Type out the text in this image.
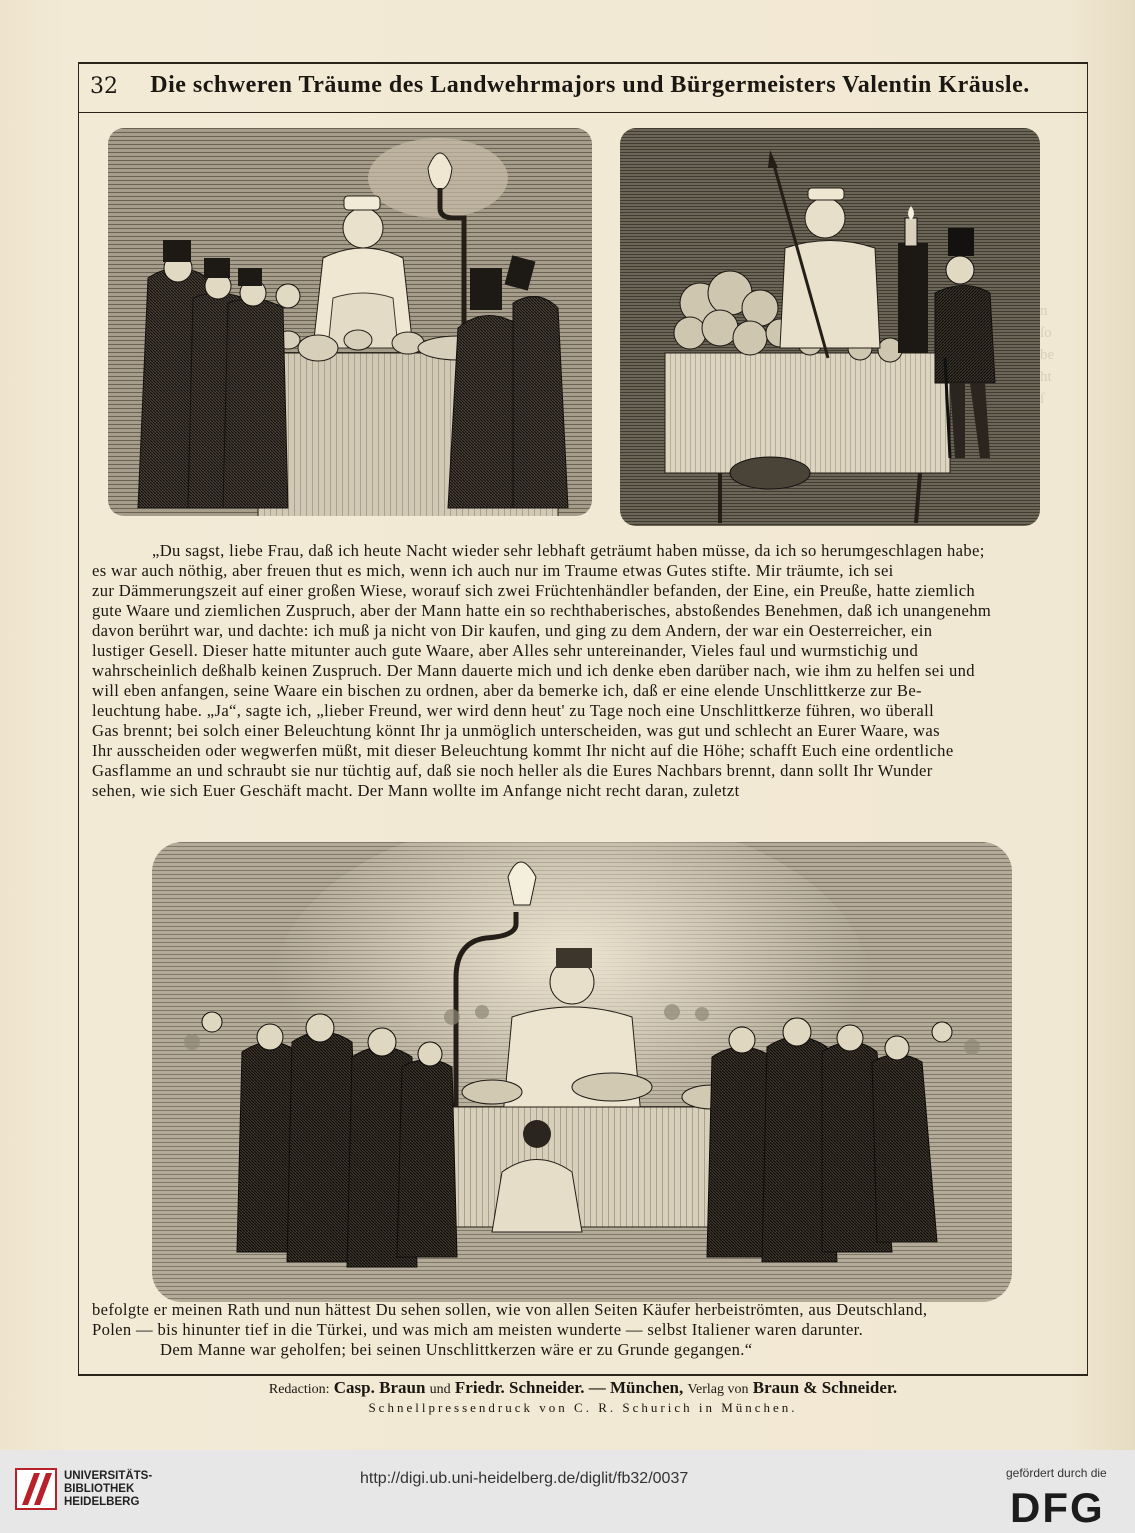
n
ſo
be
ht
ſ

32 Die schweren Träume des Landwehrmajors und Bürgermeisters Valentin Kräusle.

„Du sagst, liebe Frau, daß ich heute Nacht wieder sehr lebhaft geträumt haben müsse, da ich so herumgeschlagen habe;

es war auch nöthig, aber freuen thut es mich, wenn ich auch nur im Traume etwas Gutes stifte. Mir träumte, ich sei

zur Dämmerungszeit auf einer großen Wiese, worauf sich zwei Früchtenhändler befanden, der Eine, ein Preuße, hatte ziemlich

gute Waare und ziemlichen Zuspruch, aber der Mann hatte ein so rechthaberisches, abstoßendes Benehmen, daß ich unangenehm

davon berührt war, und dachte: ich muß ja nicht von Dir kaufen, und ging zu dem Andern, der war ein Oesterreicher, ein

lustiger Gesell. Dieser hatte mitunter auch gute Waare, aber Alles sehr untereinander, Vieles faul und wurmstichig und

wahrscheinlich deßhalb keinen Zuspruch. Der Mann dauerte mich und ich denke eben darüber nach, wie ihm zu helfen sei und

will eben anfangen, seine Waare ein bischen zu ordnen, aber da bemerke ich, daß er eine elende Unschlittkerze zur Be-

leuchtung habe. „Ja“, sagte ich, „lieber Freund, wer wird denn heut' zu Tage noch eine Unschlittkerze führen, wo überall

Gas brennt; bei solch einer Beleuchtung könnt Ihr ja unmöglich unterscheiden, was gut und schlecht an Eurer Waare, was

Ihr ausscheiden oder wegwerfen müßt, mit dieser Beleuchtung kommt Ihr nicht auf die Höhe; schafft Euch eine ordentliche

Gasflamme an und schraubt sie nur tüchtig auf, daß sie noch heller als die Eures Nachbars brennt, dann sollt Ihr Wunder

sehen, wie sich Euer Geschäft macht. Der Mann wollte im Anfange nicht recht daran, zuletzt

befolgte er meinen Rath und nun hättest Du sehen sollen, wie von allen Seiten Käufer herbeiströmten, aus Deutschland,

Polen — bis hinunter tief in die Türkei, und was mich am meisten wunderte — selbst Italiener waren darunter.

Dem Manne war geholfen; bei seinen Unschlittkerzen wäre er zu Grunde gegangen.“

Redaction: Casp. Braun und Friedr. Schneider. — München, Verlag von Braun & Schneider.
Schnellpressendruck von C. R. Schurich in München.
UNIVERSITÄTS-
BIBLIOTHEK
HEIDELBERG
http://digi.ub.uni-heidelberg.de/diglit/fb32/0037	gefördert durch die
DFG
